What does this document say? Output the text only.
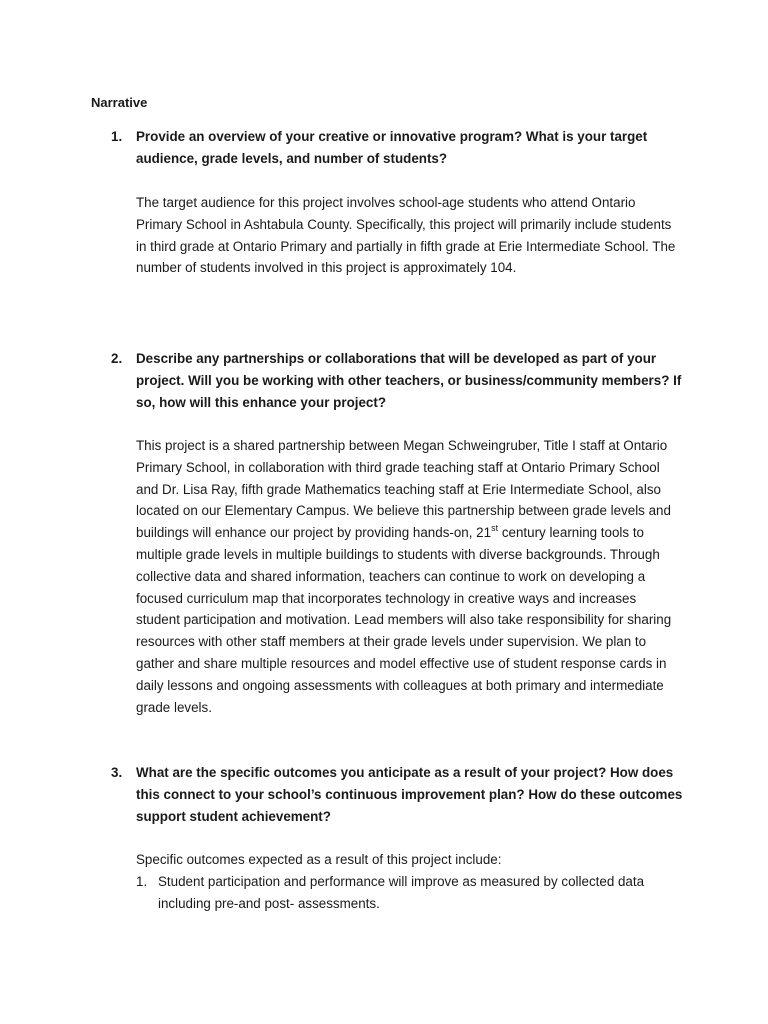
Narrative
1. Provide an overview of your creative or innovative program? What is your target audience, grade levels, and number of students?

The target audience for this project involves school-age students who attend Ontario Primary School in Ashtabula County. Specifically, this project will primarily include students in third grade at Ontario Primary and partially in fifth grade at Erie Intermediate School. The number of students involved in this project is approximately 104.

2. Describe any partnerships or collaborations that will be developed as part of your project. Will you be working with other teachers, or business/community members? If so, how will this enhance your project?

This project is a shared partnership between Megan Schweingruber, Title I staff at Ontario Primary School, in collaboration with third grade teaching staff at Ontario Primary School and Dr. Lisa Ray, fifth grade Mathematics teaching staff at Erie Intermediate School, also located on our Elementary Campus. We believe this partnership between grade levels and buildings will enhance our project by providing hands-on, 21st century learning tools to multiple grade levels in multiple buildings to students with diverse backgrounds. Through collective data and shared information, teachers can continue to work on developing a focused curriculum map that incorporates technology in creative ways and increases student participation and motivation. Lead members will also take responsibility for sharing resources with other staff members at their grade levels under supervision. We plan to gather and share multiple resources and model effective use of student response cards in daily lessons and ongoing assessments with colleagues at both primary and intermediate grade levels.

3. What are the specific outcomes you anticipate as a result of your project? How does this connect to your school’s continuous improvement plan? How do these outcomes support student achievement?

Specific outcomes expected as a result of this project include:

1. Student participation and performance will improve as measured by collected data including pre-and post- assessments.
